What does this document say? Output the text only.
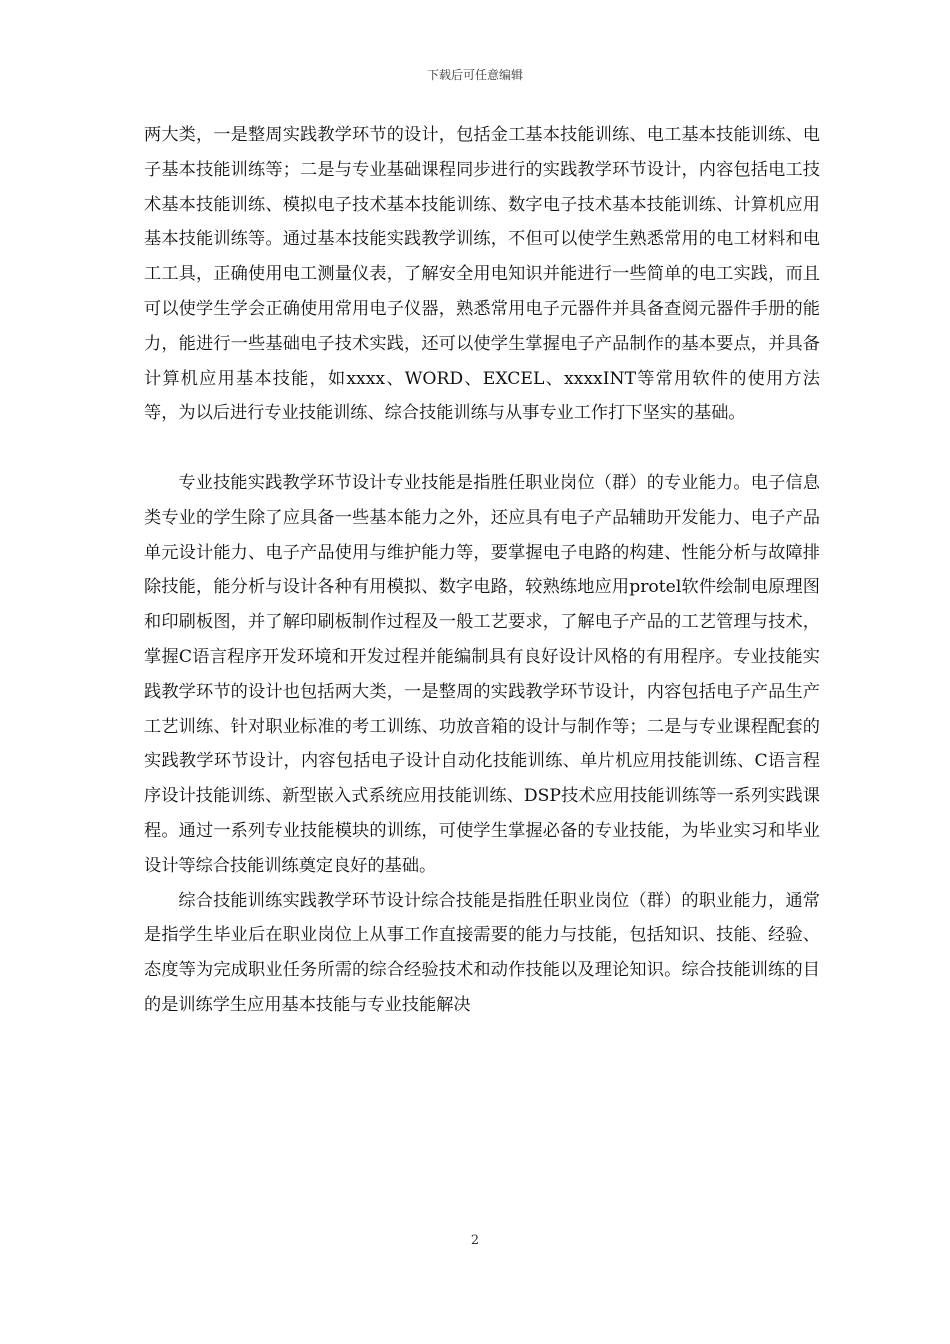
下载后可任意编辑

两大类，一是整周实践教学环节的设计，包括金工基本技能训练、电工基本技能训练、电子基本技能训练等；二是与专业基础课程同步进行的实践教学环节设计，内容包括电工技术基本技能训练、模拟电子技术基本技能训练、数字电子技术基本技能训练、计算机应用基本技能训练等。通过基本技能实践教学训练，不但可以使学生熟悉常用的电工材料和电工工具，正确使用电工测量仪表，了解安全用电知识并能进行一些简单的电工实践，而且可以使学生学会正确使用常用电子仪器，熟悉常用电子元器件并具备查阅元器件手册的能力，能进行一些基础电子技术实践，还可以使学生掌握电子产品制作的基本要点，并具备计算机应用基本技能，如xxxx、WORD、EXCEL、xxxxINT等常用软件的使用方法等，为以后进行专业技能训练、综合技能训练与从事专业工作打下坚实的基础。

专业技能实践教学环节设计专业技能是指胜任职业岗位（群）的专业能力。电子信息类专业的学生除了应具备一些基本能力之外，还应具有电子产品辅助开发能力、电子产品单元设计能力、电子产品使用与维护能力等，要掌握电子电路的构建、性能分析与故障排除技能，能分析与设计各种有用模拟、数字电路，较熟练地应用protel软件绘制电原理图和印刷板图，并了解印刷板制作过程及一般工艺要求，了解电子产品的工艺管理与技术，掌握C语言程序开发环境和开发过程并能编制具有良好设计风格的有用程序。专业技能实践教学环节的设计也包括两大类，一是整周的实践教学环节设计，内容包括电子产品生产工艺训练、针对职业标准的考工训练、功放音箱的设计与制作等；二是与专业课程配套的实践教学环节设计，内容包括电子设计自动化技能训练、单片机应用技能训练、C语言程序设计技能训练、新型嵌入式系统应用技能训练、DSP技术应用技能训练等一系列实践课程。通过一系列专业技能模块的训练，可使学生掌握必备的专业技能，为毕业实习和毕业设计等综合技能训练奠定良好的基础。

综合技能训练实践教学环节设计综合技能是指胜任职业岗位（群）的职业能力，通常是指学生毕业后在职业岗位上从事工作直接需要的能力与技能，包括知识、技能、经验、态度等为完成职业任务所需的综合经验技术和动作技能以及理论知识。综合技能训练的目的是训练学生应用基本技能与专业技能解决

2
